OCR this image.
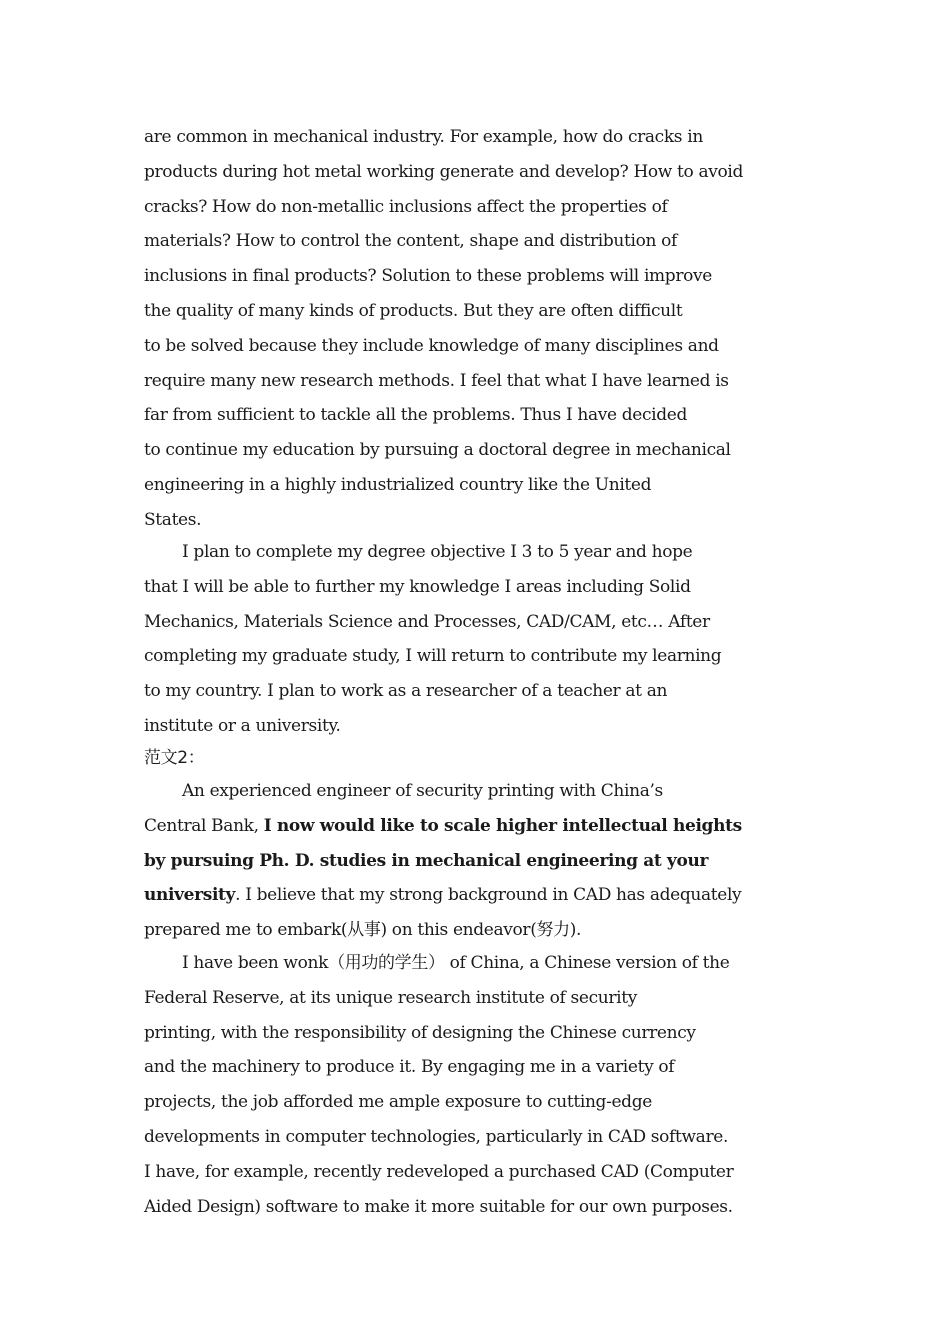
are common in mechanical industry. For example, how do cracks in
products during hot metal working generate and develop? How to avoid
cracks? How do non-metallic inclusions affect the properties of
materials? How to control the content, shape and distribution of
inclusions in final products? Solution to these problems will improve
the quality of many kinds of products. But they are often difficult
to be solved because they include knowledge of many disciplines and
require many new research methods. I feel that what I have learned is
far from sufficient to tackle all the problems. Thus I have decided
to continue my education by pursuing a doctoral degree in mechanical
engineering in a highly industrialized country like the United
States.
I plan to complete my degree objective I 3 to 5 year and hope
that I will be able to further my knowledge I areas including Solid
Mechanics, Materials Science and Processes, CAD/CAM, etc… After
completing my graduate study, I will return to contribute my learning
to my country. I plan to work as a researcher of a teacher at an
institute or a university.
范文2：
An experienced engineer of security printing with China’s
Central Bank, I now would like to scale higher intellectual heights
by pursuing Ph. D. studies in mechanical engineering at your
university. I believe that my strong background in CAD has adequately
prepared me to embark(从事) on this endeavor(努力).
I have been wonk（用功的学生） of China, a Chinese version of the
Federal Reserve, at its unique research institute of security
printing, with the responsibility of designing the Chinese currency
and the machinery to produce it. By engaging me in a variety of
projects, the job afforded me ample exposure to cutting-edge
developments in computer technologies, particularly in CAD software.
I have, for example, recently redeveloped a purchased CAD (Computer
Aided Design) software to make it more suitable for our own purposes.
